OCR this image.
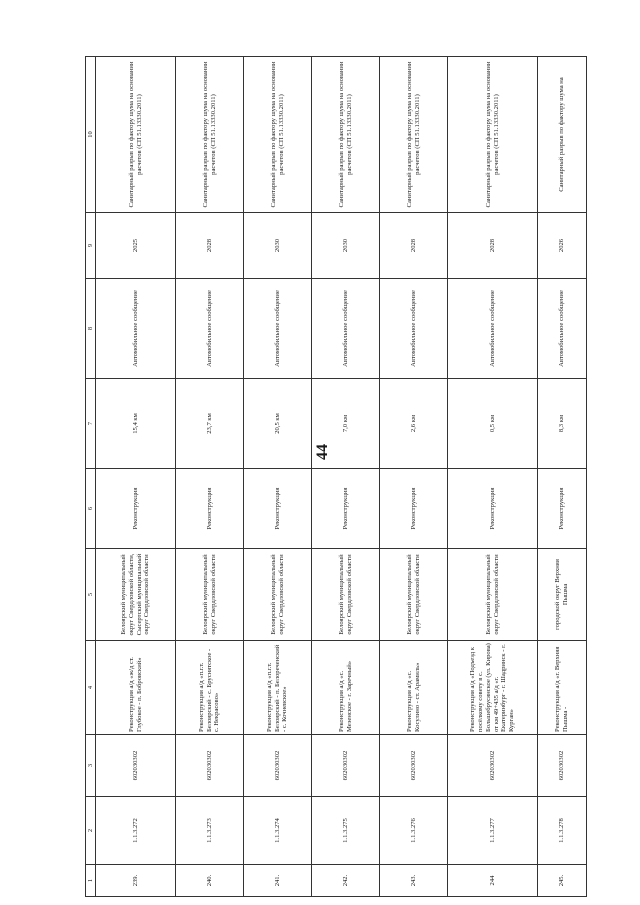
44
1	2	3	4	5	6	7	8	9	10
239.	1.1.3.272	602030302	Реконструкция а/д «ж/д ст. Глубокое - п. Бобровский»	Белоярский муниципальный округ Свердловской области, Сысертский муниципальный округ Свердловской области	Реконструкция	15,4 км	Автомобильное сообщение	2025	Санитарный разрыв по фактору шума на основании расчетов (СП 51.13330.2011)
240.	1.1.3.273	602030302	Реконструкция а/д «п.г.т. Белоярский - с. Бруснятское - с. Некрасово»	Белоярский муниципальный округ Свердловской области	Реконструкция	23,7 км	Автомобильное сообщение	2028	Санитарный разрыв по фактору шума на основании расчетов (СП 51.13330.2011)
241.	1.1.3.274	602030302	Реконструкция а/д «п.г.т. Белоярский - п. Белореченский - с. Кочневское»	Белоярский муниципальный округ Свердловской области	Реконструкция	20,5 км	Автомобильное сообщение	2030	Санитарный разрыв по фактору шума на основании расчетов (СП 51.13330.2011)
242.	1.1.3.275	602030302	Реконструкция а/д «с. Мезенское - г. Заречный»	Белоярский муниципальный округ Свердловской области	Реконструкция	7,0 км	Автомобильное сообщение	2030	Санитарный разрыв по фактору шума на основании расчетов (СП 51.13330.2011)
243.	1.1.3.276	602030302	Реконструкция а/д «с. Косулино - ст. Арамиль»	Белоярский муниципальный округ Свердловской области	Реконструкция	2,6 км	Автомобильное сообщение	2028	Санитарный разрыв по фактору шума на основании расчетов (СП 51.13330.2011)
244	1.1.3.277	602030302	Реконструкция а/д «Подъезд к посёлкому совету в с. Большебрусянское (ул. Кирова) от км 49+435 а/д «г. Екатеринбург - г. Шадринск - г. Курган»	Белоярский муниципальный округ Свердловской области	Реконструкция	0,5 км	Автомобильное сообщение	2028	Санитарный разрыв по фактору шума на основании расчетов (СП 51.13330.2011)
245.	1.1.3.278	602030302	Реконструкция а/д «г. Верхняя Пышма -	городской округ Верхняя Пышма	Реконструкция	8,3 км	Автомобильное сообщение	2026	Санитарный разрыв по фактору шума на
